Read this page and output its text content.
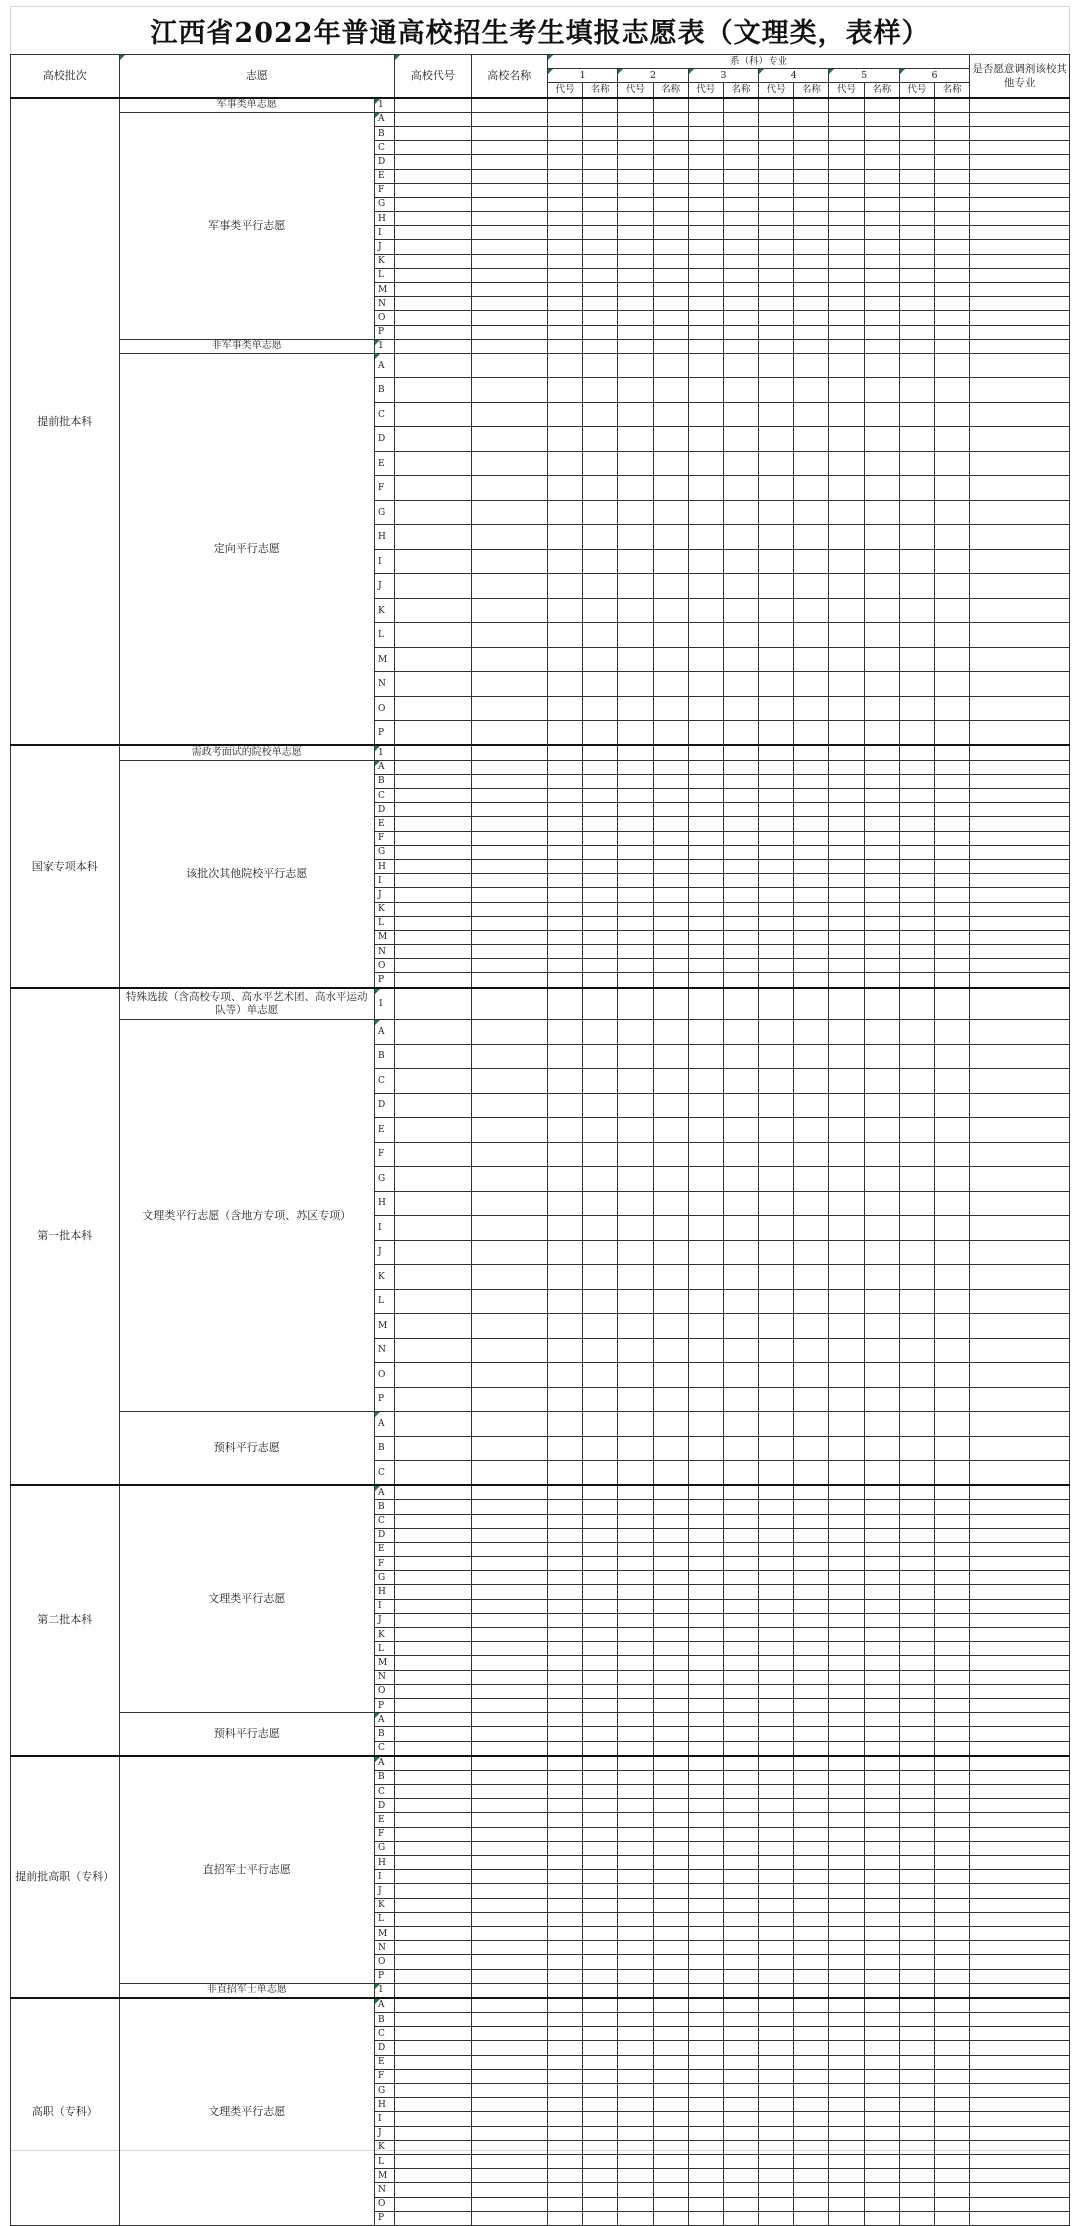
江西省2022年普通高校招生考生填报志愿表（文理类，表样）
高校批次	志愿		高校代号	高校名称	系（科）专业												是否愿意调剂该校其他专业
					1		2		3		4		5		6		
					代号	名称	代号	名称	代号	名称	代号	名称	代号	名称	代号	名称	
提前批本科	军事类单志愿	1															
	军事类平行志愿	A															
		B															
		C															
		D															
		E															
		F															
		G															
		H															
		I															
		J															
		K															
		L															
		M															
		N															
		O															
		P															
	非军事类单志愿	1															
	定向平行志愿	A															
		B															
		C															
		D															
		E															
		F															
		G															
		H															
		I															
		J															
		K															
		L															
		M															
		N															
		O															
		P															
国家专项本科	需政考面试的院校单志愿	1															
	该批次其他院校平行志愿	A															
		B															
		C															
		D															
		E															
		F															
		G															
		H															
		I															
		J															
		K															
		L															
		M															
		N															
		O															
		P															
第一批本科	特殊选拔（含高校专项、高水平艺术团、高水平运动队等）单志愿	1															
	文理类平行志愿（含地方专项、苏区专项）	A															
		B															
		C															
		D															
		E															
		F															
		G															
		H															
		I															
		J															
		K															
		L															
		M															
		N															
		O															
		P															
	预科平行志愿	A															
		B															
		C															
第二批本科	文理类平行志愿	A															
		B															
		C															
		D															
		E															
		F															
		G															
		H															
		I															
		J															
		K															
		L															
		M															
		N															
		O															
		P															
	预科平行志愿	A															
		B															
		C															
提前批高职（专科）	直招军士平行志愿	A															
		B															
		C															
		D															
		E															
		F															
		G															
		H															
		I															
		J															
		K															
		L															
		M															
		N															
		O															
		P															
	非直招军士单志愿	1															
高职（专科）	文理类平行志愿	A															
		B															
		C															
		D															
		E															
		F															
		G															
		H															
		I															
		J															
		K															
		L															
		M															
		N															
		O															
		P															
